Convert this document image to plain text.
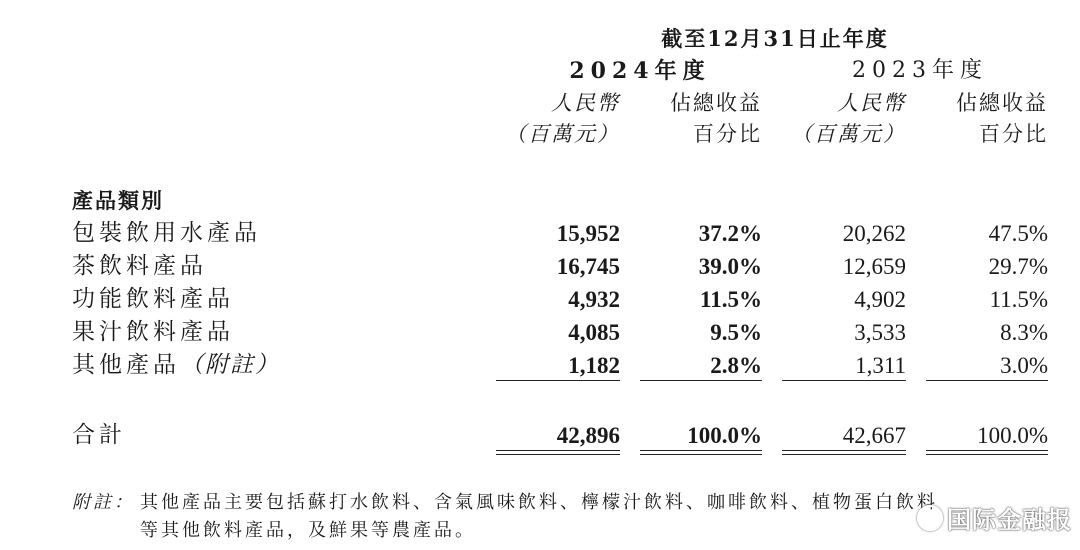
截至12月31日止年度
2024年度	2023年度
人民幣	佔總收益	人民幣	佔總收益
（百萬元）	百分比	（百萬元）	百分比
產品類別
包裝飲用水產品	15,952	37.2%	20,262	47.5%
茶飲料產品	16,745	39.0%	12,659	29.7%
功能飲料產品	4,932	11.5%	4,902	11.5%
果汁飲料產品	4,085	9.5%	3,533	8.3%
其他產品（附註）	1,182	2.8%	1,311	3.0%
合計	42,896	100.0%	42,667	100.0%
附註： 其他產品主要包括蘇打水飲料、含氣風味飲料、檸檬汁飲料、咖啡飲料、植物蛋白飲料
等其他飲料產品，及鮮果等農產品。	国际金融报
